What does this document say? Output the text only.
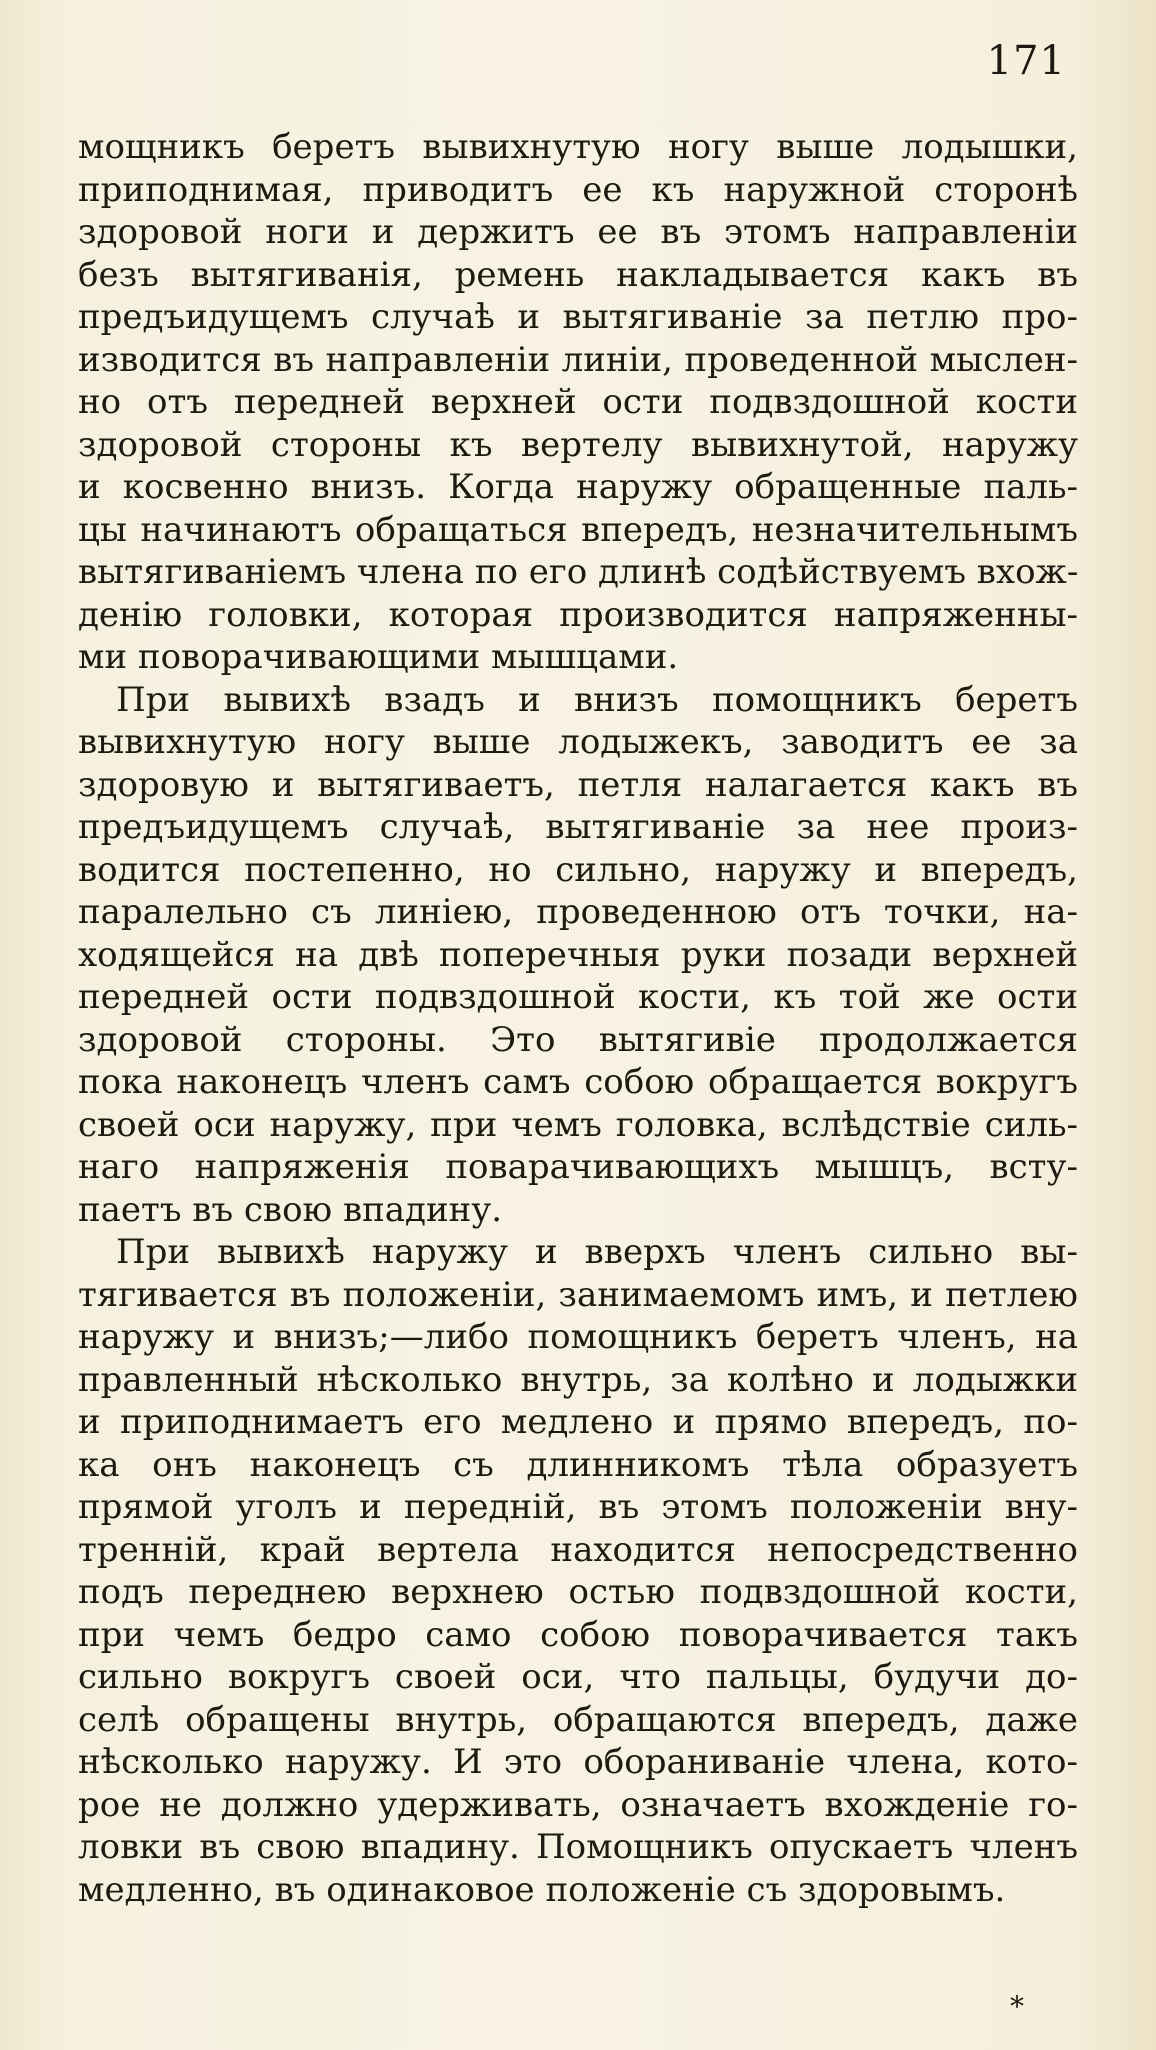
171

мощникъ беретъ вывихнутую ногу выше лодышки,
приподнимая, приводитъ ее къ наружной сторонѣ
здоровой ноги и держитъ ее въ этомъ направленіи
безъ вытягиванія, ремень накладывается какъ въ
предъидущемъ случаѣ и вытягиваніе за петлю про-
изводится въ направленіи линіи, проведенной мыслен-
но отъ передней верхней ости подвздошной кости
здоровой стороны къ вертелу вывихнутой, наружу
и косвенно внизъ. Когда наружу обращенные паль-
цы начинаютъ обращаться впередъ, незначительнымъ
вытягиваніемъ члена по его длинѣ содѣйствуемъ вхож-
денію головки, которая производится напряженны-
ми поворачивающими мышцами.

При вывихѣ взадъ и внизъ помощникъ беретъ
вывихнутую ногу выше лодыжекъ, заводитъ ее за
здоровую и вытягиваетъ, петля налагается какъ въ
предъидущемъ случаѣ, вытягиваніе за нее произ-
водится постепенно, но сильно, наружу и впередъ,
паралельно съ линіею, проведенною отъ точки, на-
ходящейся на двѣ поперечныя руки позади верхней
передней ости подвздошной кости, къ той же ости
здоровой стороны. Это вытягивіе продолжается
пока наконецъ членъ самъ собою обращается вокругъ
своей оси наружу, при чемъ головка, вслѣдствіе силь-
наго напряженія поварачивающихъ мышцъ, всту-
паетъ въ свою впадину.

При вывихѣ наружу и вверхъ членъ сильно вы-
тягивается въ положеніи, занимаемомъ имъ, и петлею
наружу и внизъ;—либо помощникъ беретъ членъ, на
правленный нѣсколько внутрь, за колѣно и лодыжки
и приподнимаетъ его медлено и прямо впередъ, по-
ка онъ наконецъ съ длинникомъ тѣла образуетъ
прямой уголъ и передній, въ этомъ положеніи вну-
тренній, край вертела находится непосредственно
подъ переднею верхнею остью подвздошной кости,
при чемъ бедро само собою поворачивается такъ
сильно вокругъ своей оси, что пальцы, будучи до-
селѣ обращены внутрь, обращаются впередъ, даже
нѣсколько наружу. И это обораниваніе члена, кото-
рое не должно удерживать, означаетъ вхожденіе го-
ловки въ свою впадину. Помощникъ опускаетъ членъ
медленно, въ одинаковое положеніе съ здоровымъ.

*
